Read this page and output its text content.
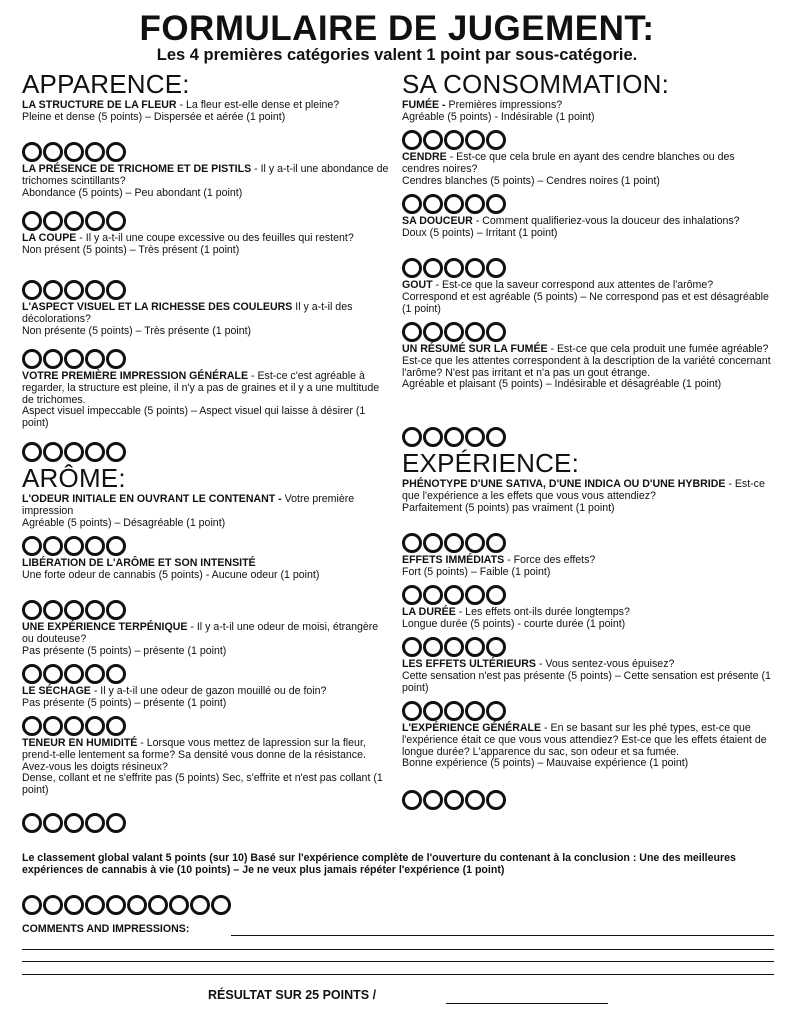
FORMULAIRE DE JUGEMENT:
Les 4 premières catégories valent 1 point par sous-catégorie.
APPARENCE:
LA STRUCTURE DE LA FLEUR - La fleur est-elle dense et pleine?
Pleine et dense (5 points) – Dispersée et aérée (1 point)
LA PRÉSENCE DE TRICHOME ET DE PISTILS - Il y a-t-il une abondance de trichomes scintillants?
Abondance (5 points) – Peu abondant (1 point)
LA COUPE - Il y a-t-il une coupe excessive ou des feuilles qui restent?
Non présent (5 points) – Très présent (1 point)
L'ASPECT VISUEL ET LA RICHESSE DES COULEURS Il y a-t-il des décolorations?
Non présente (5 points) – Très présente (1 point)
VOTRE PREMIÈRE IMPRESSION GÉNÉRALE - Est-ce c'est agréable à regarder, la structure est pleine, il n'y a pas de graines et il y a une multitude de trichomes.
Aspect visuel impeccable (5 points) – Aspect visuel qui laisse à désirer (1 point)
ARÔME:
L'ODEUR INITIALE EN OUVRANT LE CONTENANT - Votre première impression
Agréable (5 points) – Désagréable (1 point)
LIBÉRATION DE L'ARÔME ET SON INTENSITÉ
Une forte odeur de cannabis (5 points) - Aucune odeur (1 point)
UNE EXPÉRIENCE TERPÉNIQUE - Il y a-t-il une odeur de moisi, étrangère ou douteuse?
Pas présente (5 points) – présente (1 point)
LE SÉCHAGE - Il y a-t-il une odeur de gazon mouillé ou de foin?
Pas présente (5 points) – présente (1 point)
TENEUR EN HUMIDITÉ - Lorsque vous mettez de lapression sur la fleur, prend-t-elle lentement sa forme? Sa densité vous donne de la résistance. Avez-vous les doigts résineux?
Dense, collant et ne s'effrite pas (5 points) Sec, s'effrite et n'est pas collant (1 point)
SA CONSOMMATION:
FUMÉE - Premières impressions?
Agréable (5 points) - Indésirable (1 point)
CENDRE - Est-ce que cela brule en ayant des cendre blanches ou des cendres noires?
Cendres blanches (5 points) – Cendres noires (1 point)
SA DOUCEUR - Comment qualifieriez-vous la douceur des inhalations?
Doux (5 points) – Irritant (1 point)
GOUT - Est-ce que la saveur correspond aux attentes de l'arôme?
Correspond et est agréable (5 points) – Ne correspond pas et est désagréable (1 point)
UN RÉSUMÉ SUR LA FUMÉE - Est-ce que cela produit une fumée agréable? Est-ce que les attentes correspondent à la description de la variété concernant l'arôme? N'est pas irritant et n'a pas un gout étrange.
Agréable et plaisant (5 points) – Indésirable et désagréable (1 point)
EXPÉRIENCE:
PHÉNOTYPE D'UNE SATIVA, D'UNE INDICA OU D'UNE HYBRIDE - Est-ce que l'expérience a les effets que vous vous attendiez?
Parfaitement (5 points) pas vraiment (1 point)
EFFETS IMMÉDIATS - Force des effets?
Fort (5 points) – Faible (1 point)
LA DURÉE - Les effets ont-ils durée longtemps?
Longue durée (5 points) - courte durée (1 point)
LES EFFETS ULTÉRIEURS - Vous sentez-vous épuisez?
Cette sensation n'est pas présente (5 points) – Cette sensation est présente (1 point)
L'EXPÉRIENCE GÉNÉRALE - En se basant sur les phé types, est-ce que l'expérience était ce que vous vous attendiez? Est-ce que les effets étaient de longue durée? L'apparence du sac, son odeur et sa fumée.
Bonne expérience (5 points) – Mauvaise expérience (1 point)
Le classement global valant 5 points (sur 10) Basé sur l'expérience complète de l'ouverture du contenant à la conclusion : Une des meilleures expériences de cannabis à vie (10 points) – Je ne veux plus jamais répéter l'expérience (1 point)
COMMENTS AND IMPRESSIONS:
RÉSULTAT SUR 25 POINTS /
